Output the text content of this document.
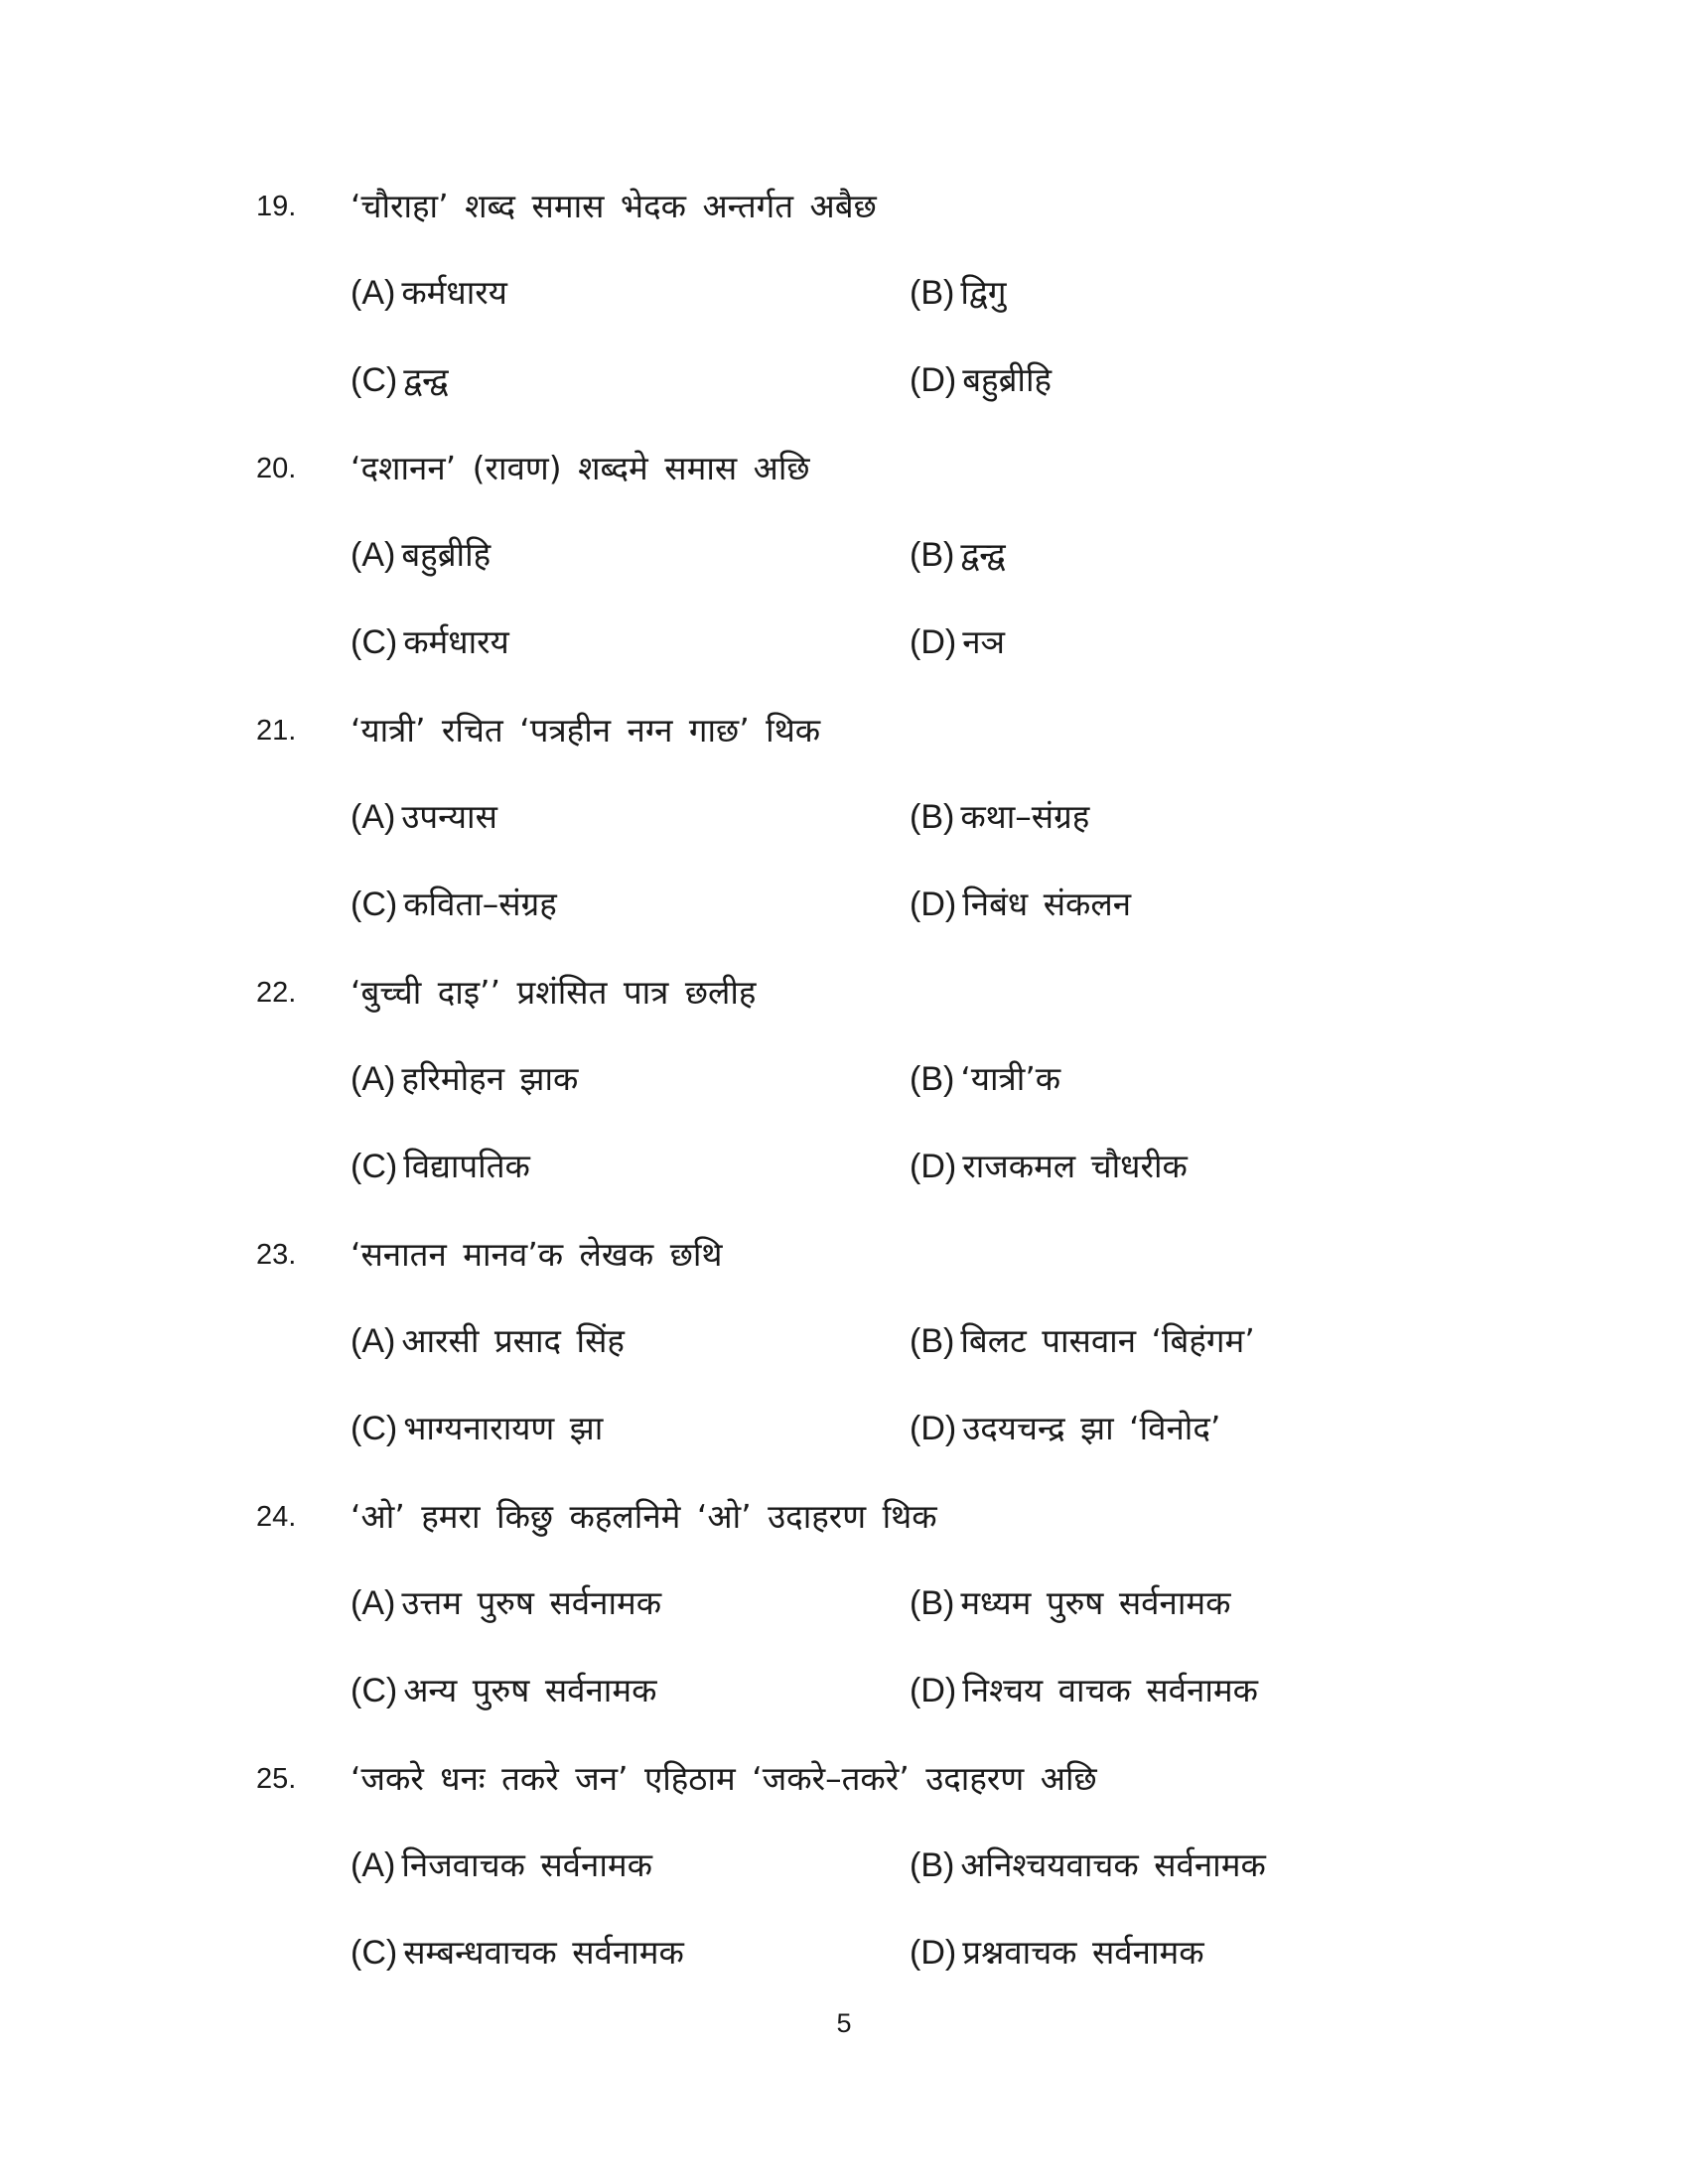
19. ‘चौराहा’ शब्द समास भेदक अन्तर्गत अबैछ
(A) कर्मधारय	(B) द्विगु
(C) द्वन्द्व	(D) बहुब्रीहि
20. ‘दशानन’ (रावण) शब्दमे समास अछि
(A) बहुब्रीहि	(B) द्वन्द्व
(C) कर्मधारय	(D) नञ
21. ‘यात्री’ रचित ‘पत्रहीन नग्न गाछ’ थिक
(A) उपन्यास	(B) कथा–संग्रह
(C) कविता–संग्रह	(D) निबंध संकलन
22. ‘बुच्ची दाइ’’ प्रशंसित पात्र छलीह
(A) हरिमोहन झाक	(B) ‘यात्री’क
(C) विद्यापतिक	(D) राजकमल चौधरीक
23. ‘सनातन मानव’क लेखक छथि
(A) आरसी प्रसाद सिंह	(B) बिलट पासवान ‘बिहंगम’
(C) भाग्यनारायण झा	(D) उदयचन्द्र झा ‘विनोद’
24. ‘ओ’ हमरा किछु कहलनिमे ‘ओ’ उदाहरण थिक
(A) उत्तम पुरुष सर्वनामक	(B) मध्यम पुरुष सर्वनामक
(C) अन्य पुरुष सर्वनामक	(D) निश्चय वाचक सर्वनामक
25. ‘जकरे धनः तकरे जन’ एहिठाम ‘जकरे–तकरे’ उदाहरण अछि
(A) निजवाचक सर्वनामक	(B) अनिश्चयवाचक सर्वनामक
(C) सम्बन्धवाचक सर्वनामक	(D) प्रश्नवाचक सर्वनामक
5
